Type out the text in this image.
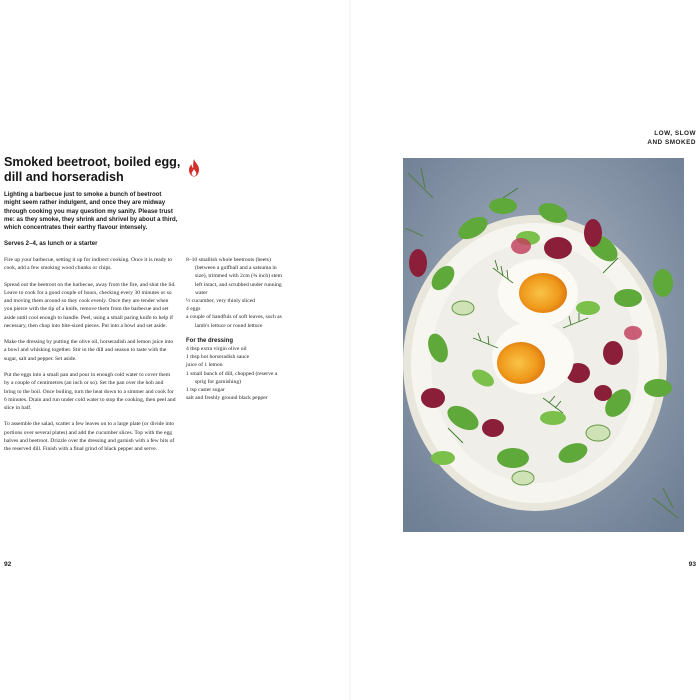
Smoked beetroot, boiled egg, dill and horseradish

Lighting a barbecue just to smoke a bunch of beetroot might seem rather indulgent, and once they are midway through cooking you may question my sanity. Please trust me: as they smoke, they shrink and shrivel by about a third, which concentrates their earthy flavour intensely.

Serves 2–4, as lunch or a starter

Fire up your barbecue, setting it up for indirect cooking. Once it is ready to cook, add a few smoking wood chunks or chips.

Spread out the beetroot on the barbecue, away from the fire, and shut the lid. Leave to cook for a good couple of hours, checking every 30 minutes or so and moving them around so they cook evenly. Once they are tender when you pierce with the tip of a knife, remove them from the barbecue and set aside until cool enough to handle. Peel, using a small paring knife to help if necessary, then chop into bite-sized pieces. Put into a bowl and set aside.

Make the dressing by putting the olive oil, horseradish and lemon juice into a bowl and whisking together. Stir in the dill and season to taste with the sugar, salt and pepper. Set aside.

Put the eggs into a small pan and pour in enough cold water to cover them by a couple of centimetres (an inch or so). Set the pan over the hob and bring to the boil. Once boiling, turn the heat down to a simmer and cook for 6 minutes. Drain and run under cold water to stop the cooking, then peel and slice in half.

To assemble the salad, scatter a few leaves on to a large plate (or divide into portions over several plates) and add the cucumber slices. Top with the egg halves and beetroot. Drizzle over the dressing and garnish with a few bits of the reserved dill. Finish with a final grind of black pepper and serve.

8–10 smallish whole beetroots (beets) (between a golfball and a satsuma in size), trimmed with 2cm (¾ inch) stem left intact, and scrubbed under running water
½ cucumber, very thinly sliced
4 eggs
a couple of handfuls of soft leaves, such as lamb's lettuce or round lettuce

For the dressing

4 tbsp extra virgin olive oil
1 tbsp hot horseradish sauce
juice of 1 lemon
1 small bunch of dill, chopped (reserve a sprig for garnishing)
1 tsp caster sugar
salt and freshly ground black pepper
92
LOW, SLOW
AND SMOKED
93
